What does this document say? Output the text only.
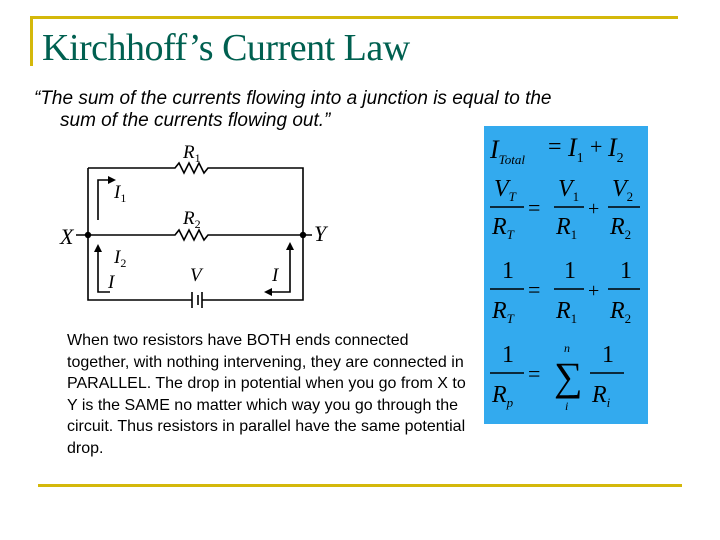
Kirchhoff’s Current Law
“The sum of the currents flowing into a junction is equal to the
sum of the currents flowing out.”
$R_1$
$R_2$
$I_1$
$I_2$
I	I
V
X	Y
When two resistors have BOTH ends connected together, with nothing intervening, they are connected in PARALLEL. The drop in potential when you go from X to Y is the SAME no matter which way you go through the circuit. Thus resistors in parallel have the same potential drop.
$I_{Total} = I_1 + I_2$
$V_T$
$R_T$
=
$V_1$
$R_1$
+
$V_2$
$R_2$
1
$R_T$
=
1
$R_1$
+
1
$R_2$
1
$R_p$
=
n
∑
i
1
$R_i$
